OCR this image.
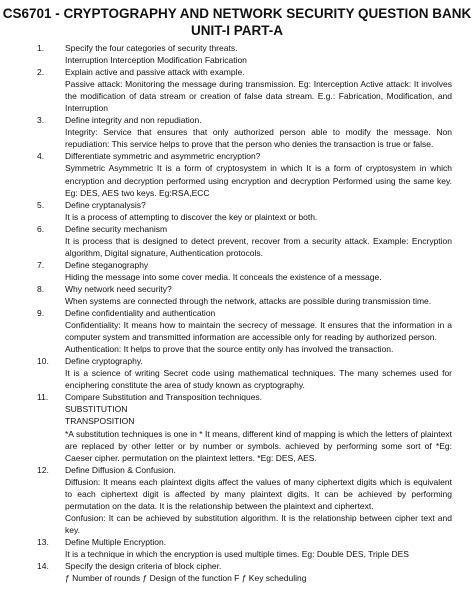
CS6701 - CRYPTOGRAPHY AND NETWORK SECURITY QUESTION BANK
UNIT-I PART-A
1. Specify the four categories of security threats.
Interruption Interception Modification Fabrication
2. Explain active and passive attack with example.
Passive attack: Monitoring the message during transmission. Eg: Interception Active attack: It involves the modification of data stream or creation of false data stream. E.g.: Fabrication, Modification, and Interruption
3. Define integrity and non repudiation.
Integrity: Service that ensures that only authorized person able to modify the message. Non repudiation: This service helps to prove that the person who denies the transaction is true or false.
4. Differentiate symmetric and asymmetric encryption?
Symmetric Asymmetric It is a form of cryptosystem in which It is a form of cryptosystem in which encryption and decryption performed using encryption and decryption Performed using the same key. Eg: DES, AES two keys. Eg:RSA,ECC
5. Define cryptanalysis?
It is a process of attempting to discover the key or plaintext or both.
6. Define security mechanism
It is process that is designed to detect prevent, recover from a security attack. Example: Encryption algorithm, Digital signature, Authentication protocols.
7. Define steganography
Hiding the message into some cover media. It conceals the existence of a message.
8. Why network need security?
When systems are connected through the network, attacks are possible during transmission time.
9. Define confidentiality and authentication
Confidentiality: It means how to maintain the secrecy of message. It ensures that the information in a computer system and transmitted information are accessible only for reading by authorized person.
Authentication: It helps to prove that the source entity only has involved the transaction.
10. Define cryptography.
It is a science of writing Secret code using mathematical techniques. The many schemes used for enciphering constitute the area of study known as cryptography.
11. Compare Substitution and Transposition techniques.
SUBSTITUTION
TRANSPOSITION
*A substitution techniques is one in * It means, different kind of mapping is which the letters of plaintext are replaced by other letter or by number or symbols. achieved by performing some sort of *Eg: Caeser cipher. permutation on the plaintext letters. *Eg: DES, AES.
12. Define Diffusion & Confusion.
Diffusion: It means each plaintext digits affect the values of many ciphertext digits which is equivalent to each ciphertext digit is affected by many plaintext digits. It can be achieved by performing permutation on the data. It is the relationship between the plaintext and ciphertext.
Confusion: It can be achieved by substitution algorithm. It is the relationship between cipher text and key.
13. Define Multiple Encryption.
It is a technique in which the encryption is used multiple times. Eg: Double DES, Triple DES
14. Specify the design criteria of block cipher.
ƒ Number of rounds ƒ Design of the function F ƒ Key scheduling
